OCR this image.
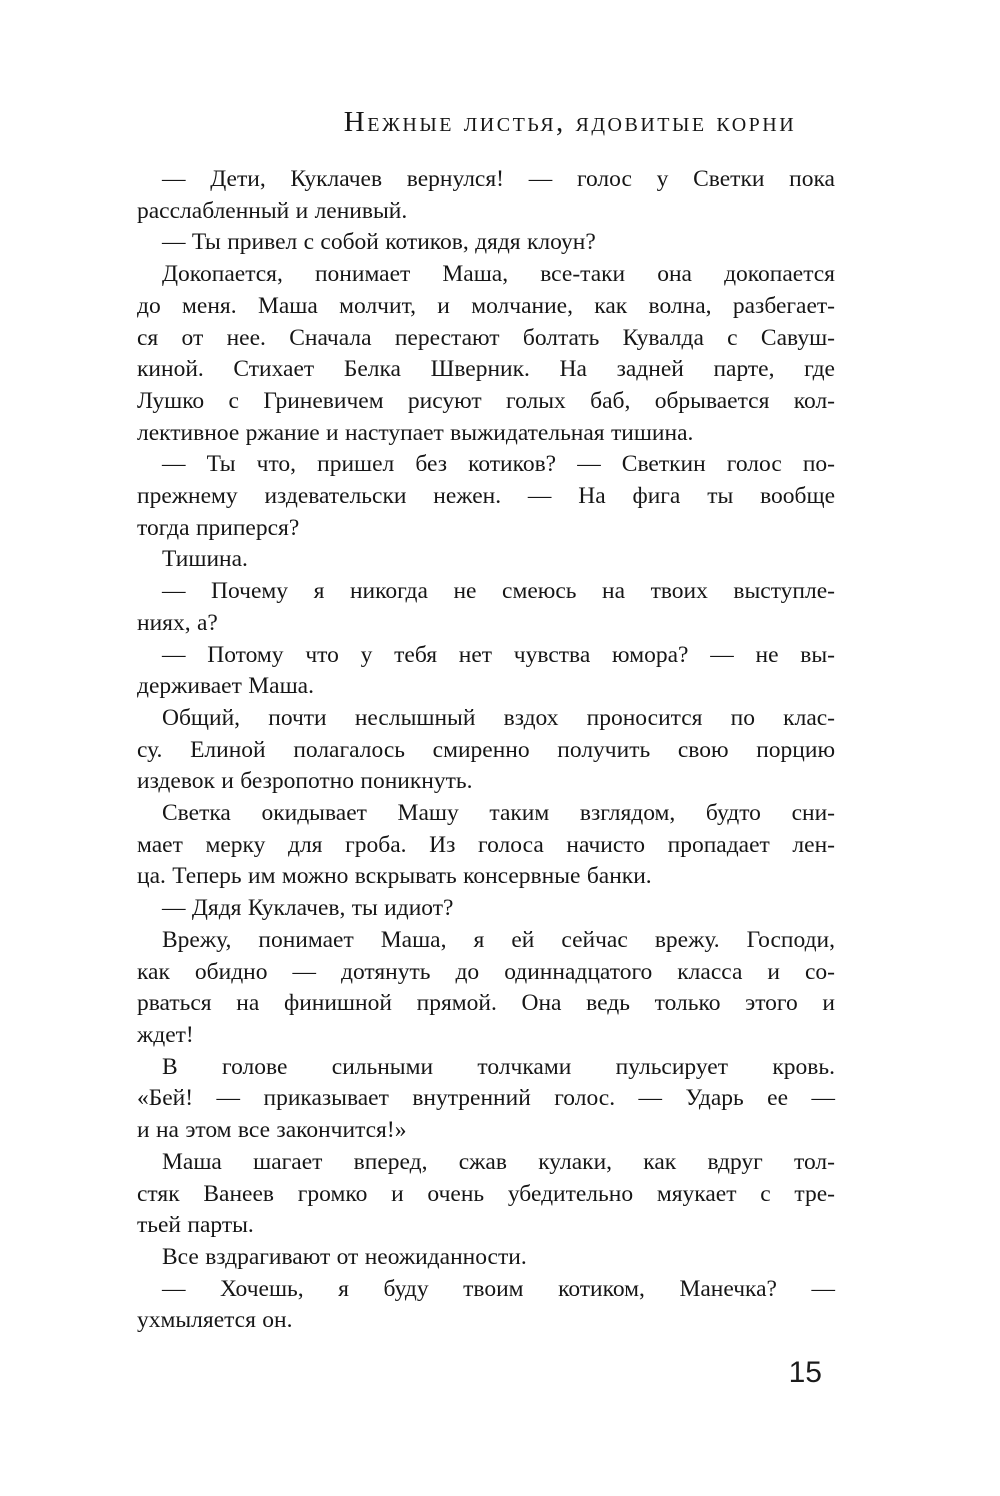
Нежные листья, ядовитые корни
— Дети, Куклачев вернулся! — голос у Светки пока
расслабленный и ленивый.
— Ты привел с собой котиков, дядя клоун?
Докопается, понимает Маша, все-таки она докопается
до меня. Маша молчит, и молчание, как волна, разбегает-
ся от нее. Сначала перестают болтать Кувалда с Савуш-
киной. Стихает Белка Шверник. На задней парте, где
Лушко с Гриневичем рисуют голых баб, обрывается кол-
лективное ржание и наступает выжидательная тишина.
— Ты что, пришел без котиков? — Светкин голос по-
прежнему издевательски нежен. — На фига ты вообще
тогда приперся?
Тишина.
— Почему я никогда не смеюсь на твоих выступле-
ниях, а?
— Потому что у тебя нет чувства юмора? — не вы-
держивает Маша.
Общий, почти неслышный вздох проносится по клас-
су. Елиной полагалось смиренно получить свою порцию
издевок и безропотно поникнуть.
Светка окидывает Машу таким взглядом, будто сни-
мает мерку для гроба. Из голоса начисто пропадает лен-
ца. Теперь им можно вскрывать консервные банки.
— Дядя Куклачев, ты идиот?
Врежу, понимает Маша, я ей сейчас врежу. Господи,
как обидно — дотянуть до одиннадцатого класса и со-
рваться на финишной прямой. Она ведь только этого и
ждет!
В голове сильными толчками пульсирует кровь.
«Бей! — приказывает внутренний голос. — Ударь ее —
и на этом все закончится!»
Маша шагает вперед, сжав кулаки, как вдруг тол-
стяк Ванеев громко и очень убедительно мяукает с тре-
тьей парты.
Все вздрагивают от неожиданности.
— Хочешь, я буду твоим котиком, Манечка? —
ухмыляется он.
15
